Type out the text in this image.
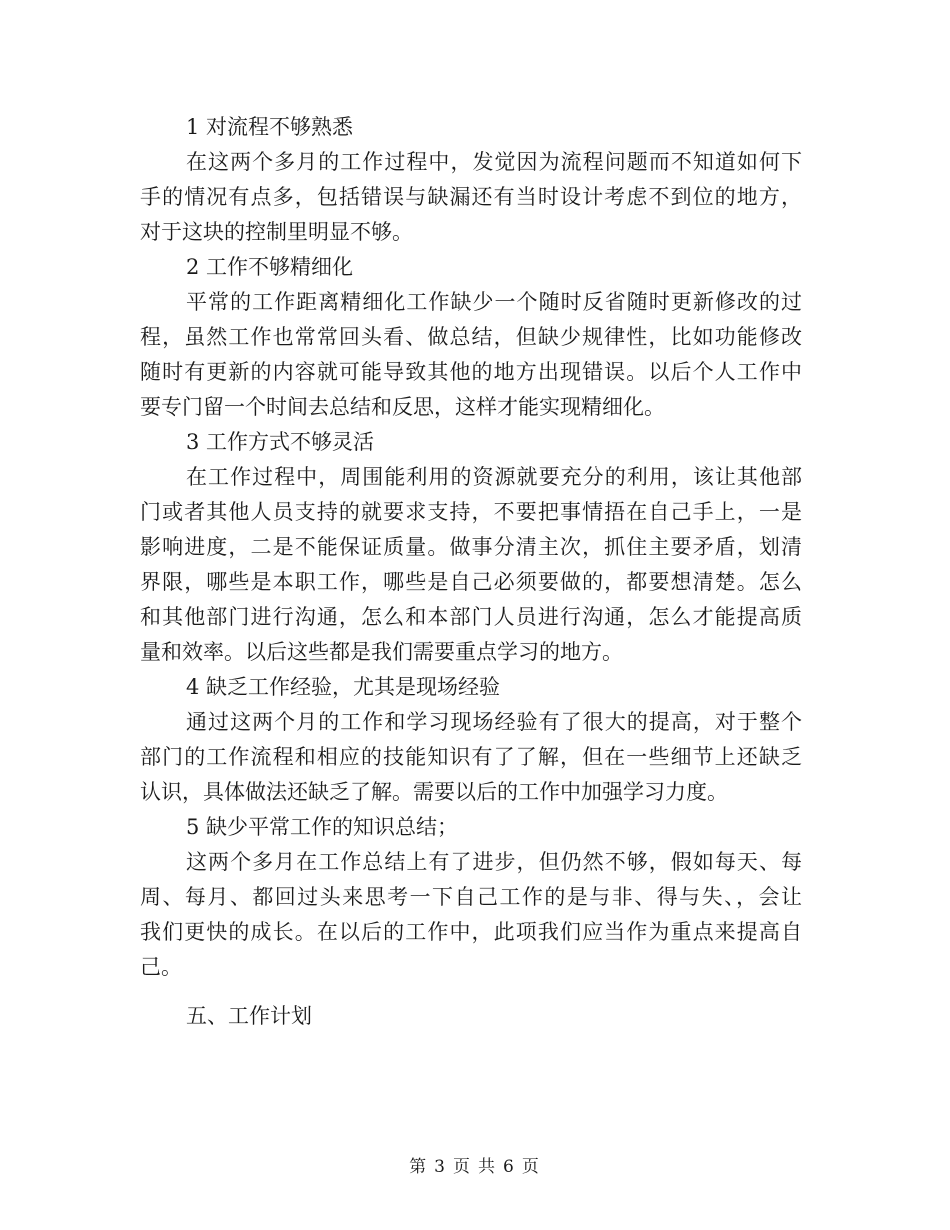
1 对流程不够熟悉
在这两个多月的工作过程中，发觉因为流程问题而不知道如何下
手的情况有点多，包括错误与缺漏还有当时设计考虑不到位的地方，
对于这块的控制里明显不够。
2 工作不够精细化
平常的工作距离精细化工作缺少一个随时反省随时更新修改的过
程，虽然工作也常常回头看、做总结，但缺少规律性，比如功能修改
随时有更新的内容就可能导致其他的地方出现错误。以后个人工作中
要专门留一个时间去总结和反思，这样才能实现精细化。
3 工作方式不够灵活
在工作过程中，周围能利用的资源就要充分的利用，该让其他部
门或者其他人员支持的就要求支持，不要把事情捂在自己手上，一是
影响进度，二是不能保证质量。做事分清主次，抓住主要矛盾，划清
界限，哪些是本职工作，哪些是自己必须要做的，都要想清楚。怎么
和其他部门进行沟通，怎么和本部门人员进行沟通，怎么才能提高质
量和效率。以后这些都是我们需要重点学习的地方。
4 缺乏工作经验，尤其是现场经验
通过这两个月的工作和学习现场经验有了很大的提高，对于整个
部门的工作流程和相应的技能知识有了了解，但在一些细节上还缺乏
认识，具体做法还缺乏了解。需要以后的工作中加强学习力度。
5 缺少平常工作的知识总结；
这两个多月在工作总结上有了进步，但仍然不够，假如每天、每
周、每月、都回过头来思考一下自己工作的是与非、得与失、，会让
我们更快的成长。在以后的工作中，此项我们应当作为重点来提高自
己。
五、工作计划
第 3 页 共 6 页
